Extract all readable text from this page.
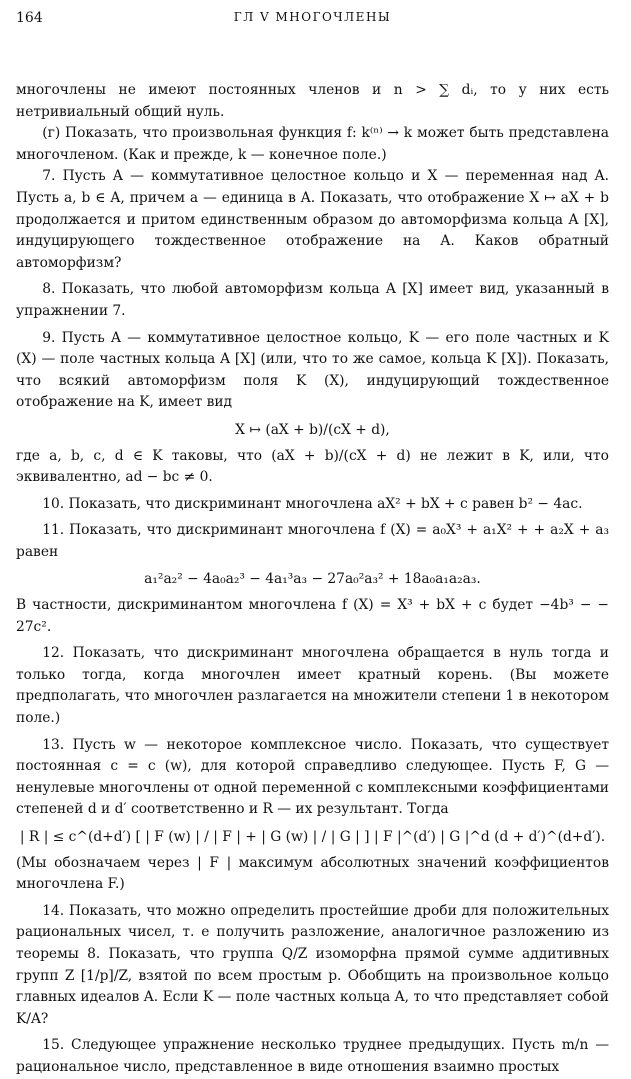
164	ГЛ V МНОГОЧЛЕНЫ

многочлены не имеют постоянных членов и n > ∑ dᵢ, то у них есть нетривиальный общий нуль.

(г) Показать, что произвольная функция f: k⁽ⁿ⁾ → k может быть представлена многочленом. (Как и прежде, k — конечное поле.)

7. Пусть A — коммутативное целостное кольцо и X — переменная над A. Пусть a, b ∈ A, причем a — единица в A. Показать, что отображение X ↦ aX + b продолжается и притом единственным образом до автоморфизма кольца A [X], индуцирующего тождественное отображение на A. Каков обратный автоморфизм?

8. Показать, что любой автоморфизм кольца A [X] имеет вид, указанный в упражнении 7.

9. Пусть A — коммутативное целостное кольцо, K — его поле частных и K (X) — поле частных кольца A [X] (или, что то же самое, кольца K [X]). Показать, что всякий автоморфизм поля K (X), индуцирующий тождественное отображение на K, имеет вид

X ↦ (aX + b)/(cX + d),

где a, b, c, d ∈ K таковы, что (aX + b)/(cX + d) не лежит в K, или, что эквивалентно, ad − bc ≠ 0.

10. Показать, что дискриминант многочлена aX² + bX + c равен b² − 4ac.

11. Показать, что дискриминант многочлена f (X) = a₀X³ + a₁X² + + a₂X + a₃ равен

a₁²a₂² − 4a₀a₂³ − 4a₁³a₃ − 27a₀²a₃² + 18a₀a₁a₂a₃.

В частности, дискриминантом многочлена f (X) = X³ + bX + c будет −4b³ − − 27c².

12. Показать, что дискриминант многочлена обращается в нуль тогда и только тогда, когда многочлен имеет кратный корень. (Вы можете предполагать, что многочлен разлагается на множители степени 1 в некотором поле.)

13. Пусть w — некоторое комплексное число. Показать, что существует постоянная c = c (w), для которой справедливо следующее. Пусть F, G — ненулевые многочлены от одной переменной с комплексными коэффициентами степеней d и d′ соответственно и R — их результант. Тогда

| R | ≤ c^(d+d′) [ | F (w) | / | F | + | G (w) | / | G | ] | F |^(d′) | G |^d (d + d′)^(d+d′).

(Мы обозначаем через | F | максимум абсолютных значений коэффициентов многочлена F.)

14. Показать, что можно определить простейшие дроби для положительных рациональных чисел, т. е получить разложение, аналогичное разложению из теоремы 8. Показать, что группа Q/Z изоморфна прямой сумме аддитивных групп Z [1/p]/Z, взятой по всем простым p. Обобщить на произвольное кольцо главных идеалов A. Если K — поле частных кольца A, то что представляет собой K/A?

15. Следующее упражнение несколько труднее предыдущих. Пусть m/n — рациональное число, представленное в виде отношения взаимно простых
